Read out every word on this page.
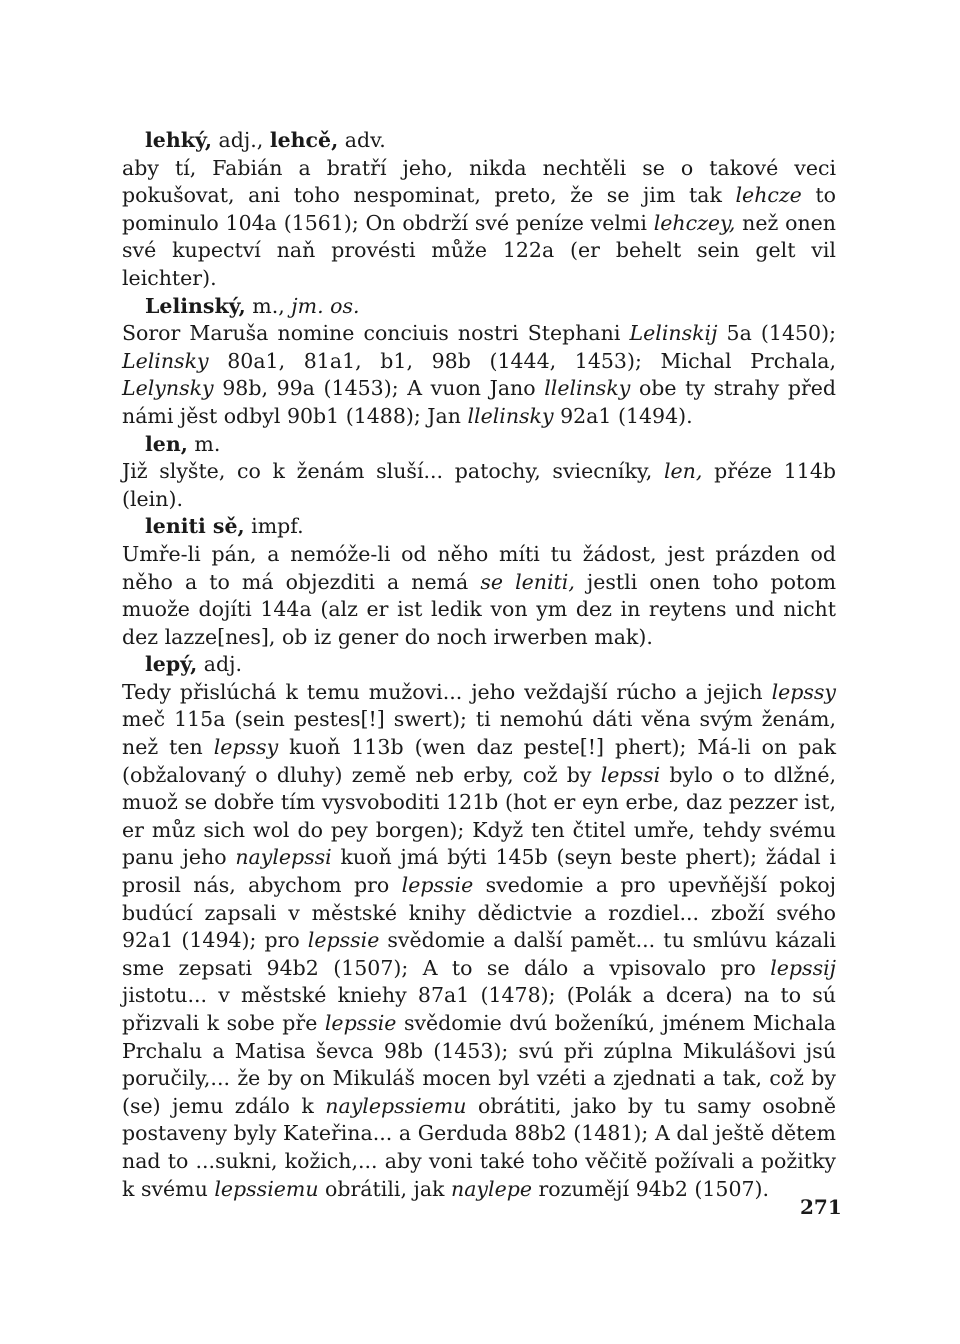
lehký, adj., lehcě, adv.

aby tí, Fabián a bratří jeho, nikda nechtěli se o takové veci pokušovat, ani toho nespominat, preto, že se jim tak lehcze to pominulo 104a (1561); On obdrží své peníze velmi lehczey, než onen své kupectví naň provésti může 122a (er behelt sein gelt vil leichter).

Lelinský, m., jm. os.

Soror Maruša nomine conciuis nostri Stephani Lelinskij 5a (1450); Lelinsky 80a1, 81a1, b1, 98b (1444, 1453); Michal Prchala, Lelynsky 98b, 99a (1453); A vuon Jano llelinsky obe ty strahy před námi jěst odbyl 90b1 (1488); Jan llelinsky 92a1 (1494).

len, m.

Již slyšte, co k ženám sluší... patochy, sviecníky, len, přéze 114b (lein).

leniti sě, impf.

Umře-li pán, a nemóže-li od něho míti tu žádost, jest prázden od něho a to má objezditi a nemá se leniti, jestli onen toho potom muože dojíti 144a (alz er ist ledik von ym dez in reytens und nicht dez lazze[nes], ob iz gener do noch irwerben mak).

lepý, adj.

Tedy přislúchá k temu mužovi... jeho veždajší rúcho a jejich lepssy meč 115a (sein pestes[!] swert); ti nemohú dáti věna svým ženám, než ten lepssy kuoň 113b (wen daz peste[!] phert); Má-li on pak (obžalovaný o dluhy) země neb erby, což by lepssi bylo o to dlžné, muož se dobře tím vysvoboditi 121b (hot er eyn erbe, daz pezzer ist, er můz sich wol do pey borgen); Když ten čtitel umře, tehdy svému panu jeho naylepssi kuoň jmá býti 145b (seyn beste phert); žádal i prosil nás, abychom pro lepssie svedomie a pro upevňější pokoj budúcí zapsali v městské knihy dědictvie a rozdiel... zboží svého 92a1 (1494); pro lepssie svědomie a další pamět... tu smlúvu kázali sme zepsati 94b2 (1507); A to se dálo a vpisovalo pro lepssij jistotu... v městské kniehy 87a1 (1478); (Polák a dcera) na to sú přizvali k sobe pře lepssie svědomie dvú boženíkú, jménem Michala Prchalu a Matisa ševca 98b (1453); svú při zúplna Mikulášovi jsú poručily,... že by on Mikuláš mocen byl vzéti a zjednati a tak, což by (se) jemu zdálo k naylepssiemu obrátiti, jako by tu samy osobně postaveny byly Kateřina... a Gerduda 88b2 (1481); A dal ještě dětem nad to ...sukni, kožich,... aby voni také toho věčitě požívali a požitky k svému lepssiemu obrátili, jak naylepe rozumějí 94b2 (1507).

271
